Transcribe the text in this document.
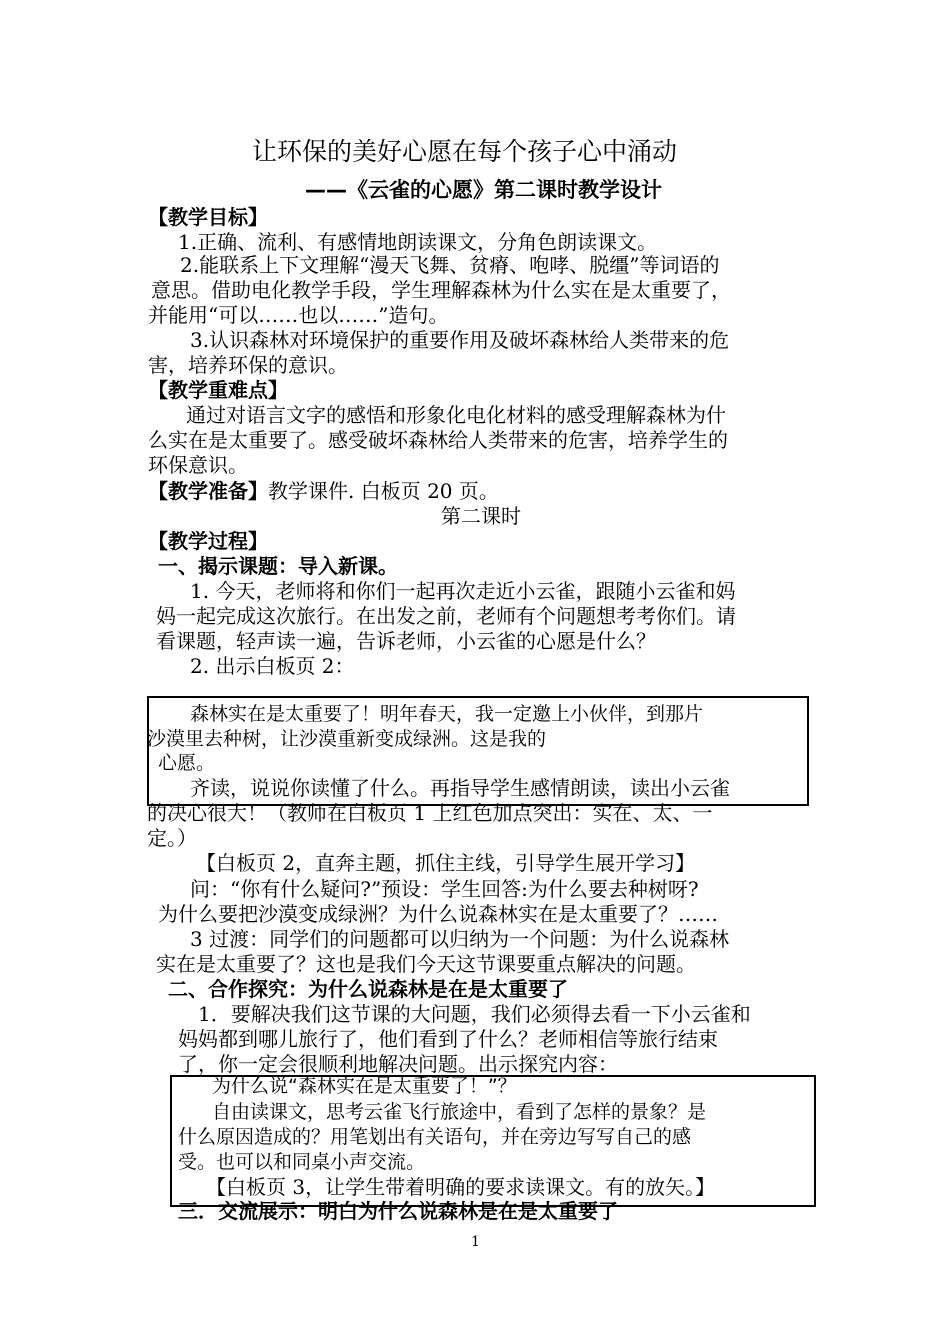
让环保的美好心愿在每个孩子心中涌动
——《云雀的心愿》第二课时教学设计
【教学目标】
1.正确、流利、有感情地朗读课文，分角色朗读课文。
2.能联系上下文理解“漫天飞舞、贫瘠、咆哮、脱缰”等词语的
意思。借助电化教学手段，学生理解森林为什么实在是太重要了，
并能用“可以……也以……”造句。
3.认识森林对环境保护的重要作用及破坏森林给人类带来的危
害，培养环保的意识。
【教学重难点】
通过对语言文字的感悟和形象化电化材料的感受理解森林为什
么实在是太重要了。感受破坏森林给人类带来的危害，培养学生的
环保意识。
【教学准备】教学课件. 白板页 20 页。
第二课时
【教学过程】
一、揭示课题：导入新课。
1. 今天，老师将和你们一起再次走近小云雀，跟随小云雀和妈
妈一起完成这次旅行。在出发之前，老师有个问题想考考你们。请
看课题，轻声读一遍，告诉老师，小云雀的心愿是什么？
2. 出示白板页 2：
森林实在是太重要了！明年春天，我一定邀上小伙伴，到那片
沙漠里去种树，让沙漠重新变成绿洲。这是我的
心愿。
齐读，说说你读懂了什么。再指导学生感情朗读，读出小云雀
的决心很大！（教师在白板页 1 上红色加点突出：实在、太、一
定。）
【白板页 2，直奔主题，抓住主线，引导学生展开学习】
问：“你有什么疑问?”预设：学生回答:为什么要去种树呀?
为什么要把沙漠变成绿洲？为什么说森林实在是太重要了？……
3 过渡：同学们的问题都可以归纳为一个问题：为什么说森林
实在是太重要了？这也是我们今天这节课要重点解决的问题。
二、合作探究：为什么说森林是在是太重要了
1．要解决我们这节课的大问题，我们必须得去看一下小云雀和
妈妈都到哪儿旅行了，他们看到了什么？老师相信等旅行结束
了，你一定会很顺利地解决问题。出示探究内容：
为什么说“森林实在是太重要了！”？
自由读课文，思考云雀飞行旅途中，看到了怎样的景象？是
什么原因造成的？用笔划出有关语句，并在旁边写写自己的感
受。也可以和同桌小声交流。
【白板页 3，让学生带着明确的要求读课文。有的放矢。】
三．交流展示：明白为什么说森林是在是太重要了
1
